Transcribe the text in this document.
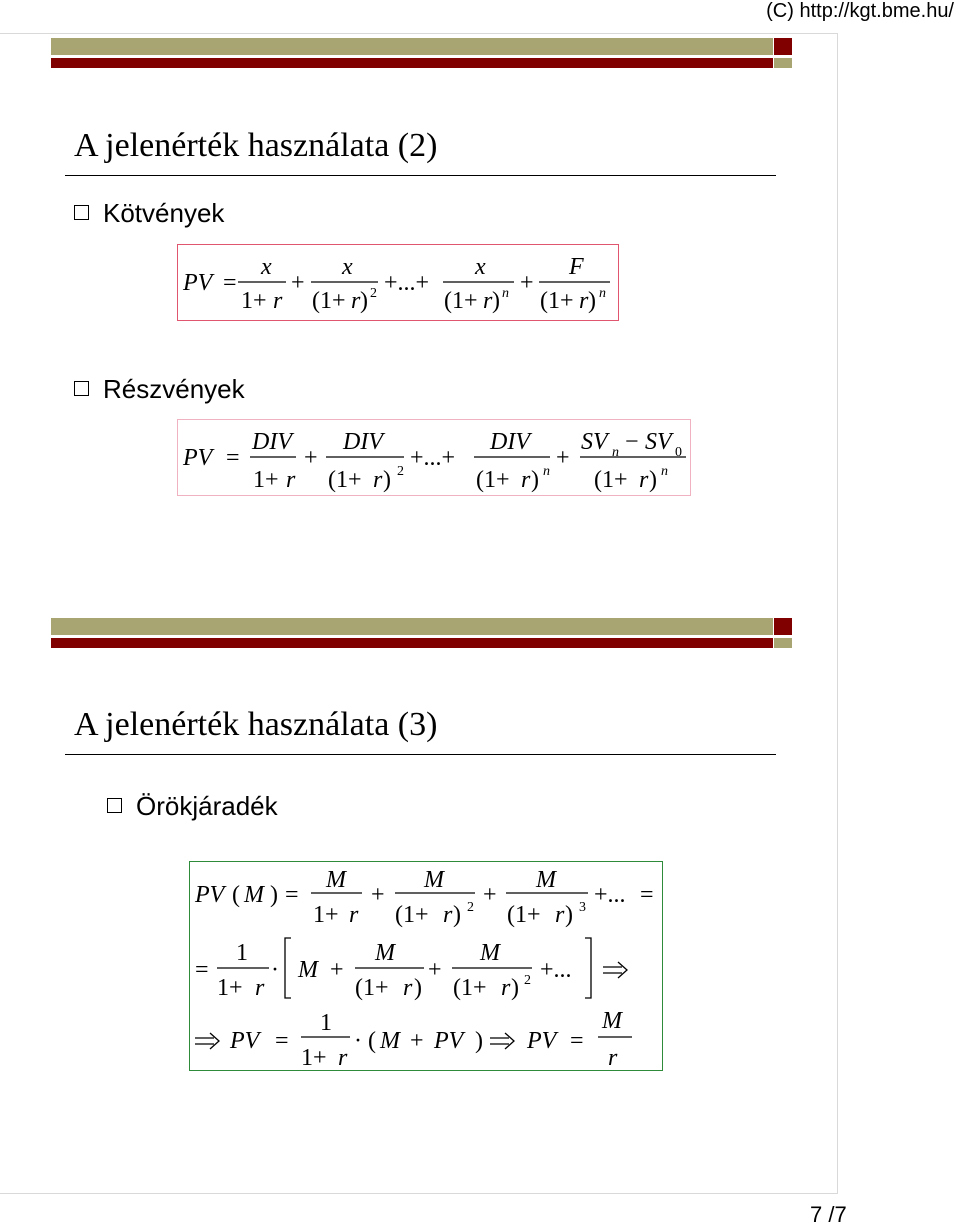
(C) http://kgt.bme.hu/
A jelenérték használata (2)
Kötvények
PV =
x
1+ r
+
x
(1+ r ) 2 +...+
x
(1+ r ) n +
F
(1+ r ) n
Részvények
PV =
DIV
1+ r
+
DIV
(1+ r ) 2
+...+
DIV
(1+ r ) n
+
SV n − SV 0
(1+ r ) n
A jelenérték használata (3)
Örökjáradék
PV ( M ) =
M
1+ r
+
M
(1+ r ) 2 +
M
(1+ r ) 3 +... =
=
1
1+ r
· M +
M
(1+ r )
+
M
(1+ r ) 2 +...
PV =
1
1+ r
· ( M + PV ) PV =
M
r
7 /7
